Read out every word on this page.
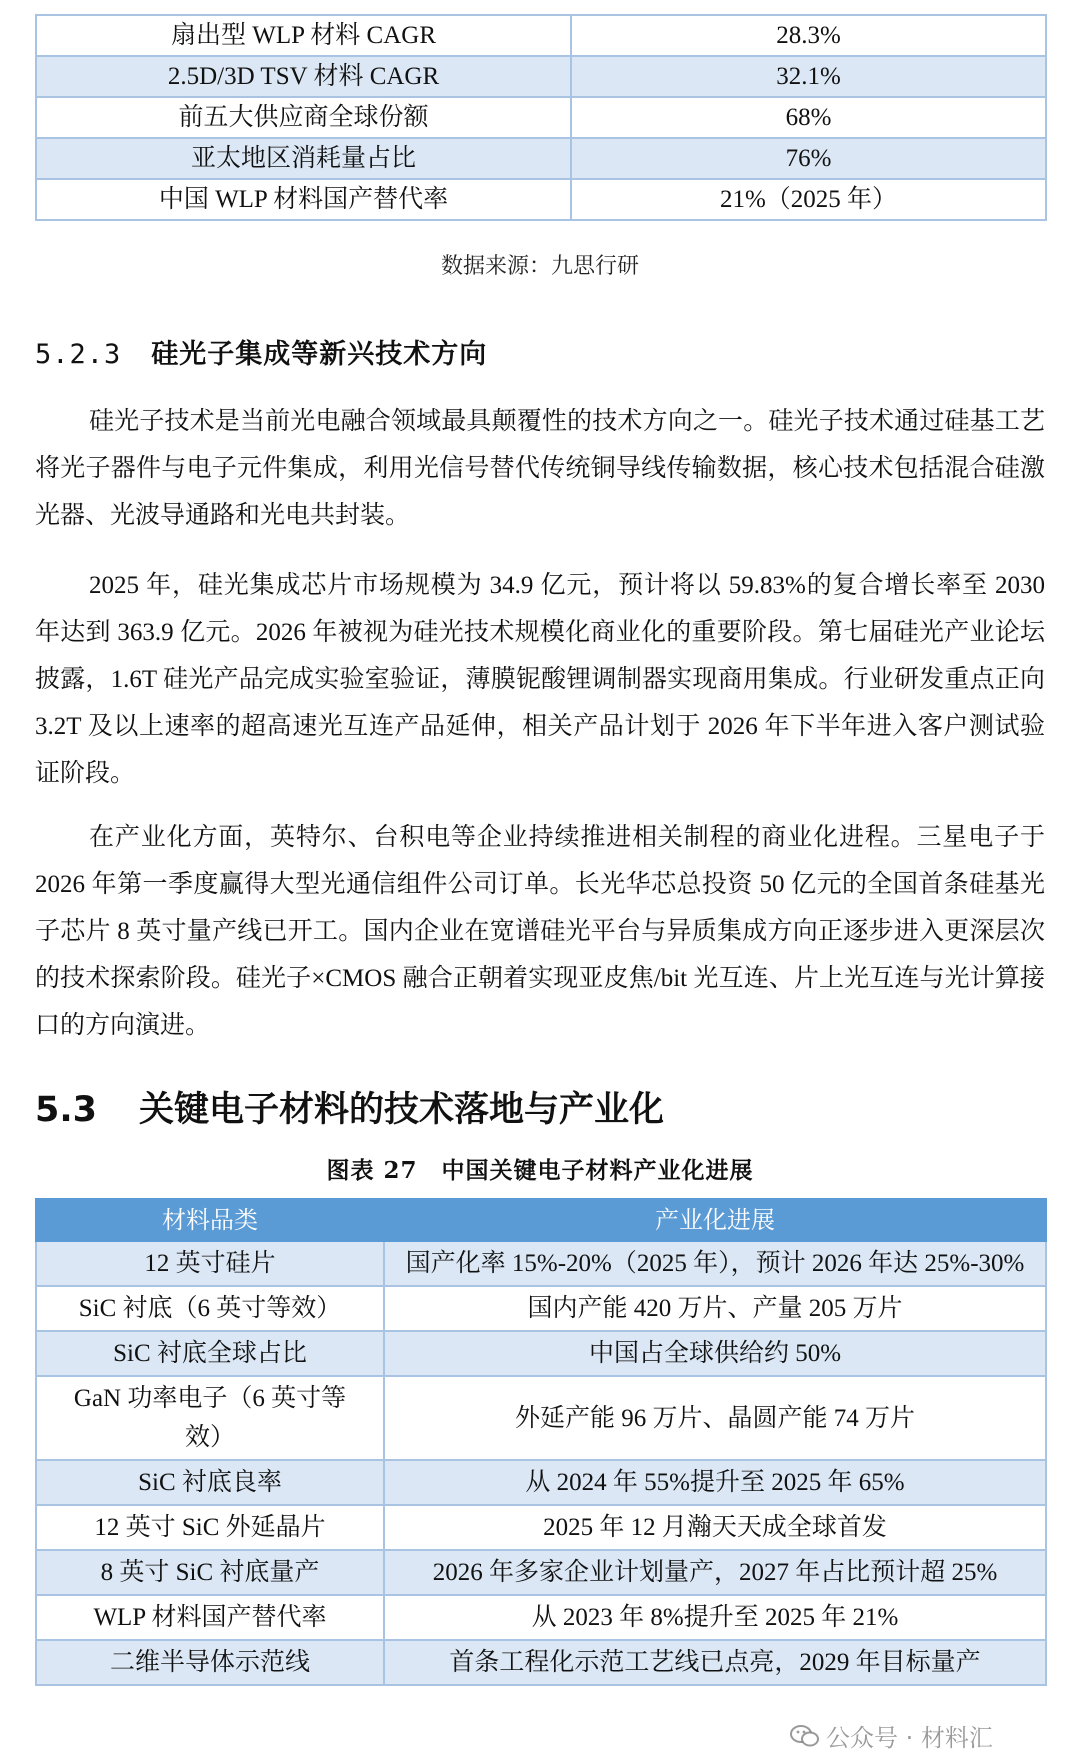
扇出型 WLP 材料 CAGR	28.3%
2.5D/3D TSV 材料 CAGR	32.1%
前五大供应商全球份额	68%
亚太地区消耗量占比	76%
中国 WLP 材料国产替代率	21%（2025 年）
数据来源：九思行研
5.2.3 硅光子集成等新兴技术方向

硅光子技术是当前光电融合领域最具颠覆性的技术方向之一。硅光子技术通过硅基工艺将光子器件与电子元件集成，利用光信号替代传统铜导线传输数据，核心技术包括混合硅激光器、光波导通路和光电共封装。

2025 年，硅光集成芯片市场规模为 34.9 亿元，预计将以 59.83%的复合增长率至 2030 年达到 363.9 亿元。2026 年被视为硅光技术规模化商业化的重要阶段。第七届硅光产业论坛披露，1.6T 硅光产品完成实验室验证，薄膜铌酸锂调制器实现商用集成。行业研发重点正向 3.2T 及以上速率的超高速光互连产品延伸，相关产品计划于 2026 年下半年进入客户测试验证阶段。

在产业化方面，英特尔、台积电等企业持续推进相关制程的商业化进程。三星电子于 2026 年第一季度赢得大型光通信组件公司订单。长光华芯总投资 50 亿元的全国首条硅基光子芯片 8 英寸量产线已开工。国内企业在宽谱硅光平台与异质集成方向正逐步进入更深层次的技术探索阶段。硅光子×CMOS 融合正朝着实现亚皮焦/bit 光互连、片上光互连与光计算接口的方向演进。

5.3 关键电子材料的技术落地与产业化
图表 27　中国关键电子材料产业化进展
材料品类	产业化进展
12 英寸硅片	国产化率 15%-20%（2025 年），预计 2026 年达 25%-30%
SiC 衬底（6 英寸等效）	国内产能 420 万片、产量 205 万片
SiC 衬底全球占比	中国占全球供给约 50%
GaN 功率电子（6 英寸等效）	外延产能 96 万片、晶圆产能 74 万片
SiC 衬底良率	从 2024 年 55%提升至 2025 年 65%
12 英寸 SiC 外延晶片	2025 年 12 月瀚天天成全球首发
8 英寸 SiC 衬底量产	2026 年多家企业计划量产，2027 年占比预计超 25%
WLP 材料国产替代率	从 2023 年 8%提升至 2025 年 21%
二维半导体示范线	首条工程化示范工艺线已点亮，2029 年目标量产
公众号 · 材料汇
